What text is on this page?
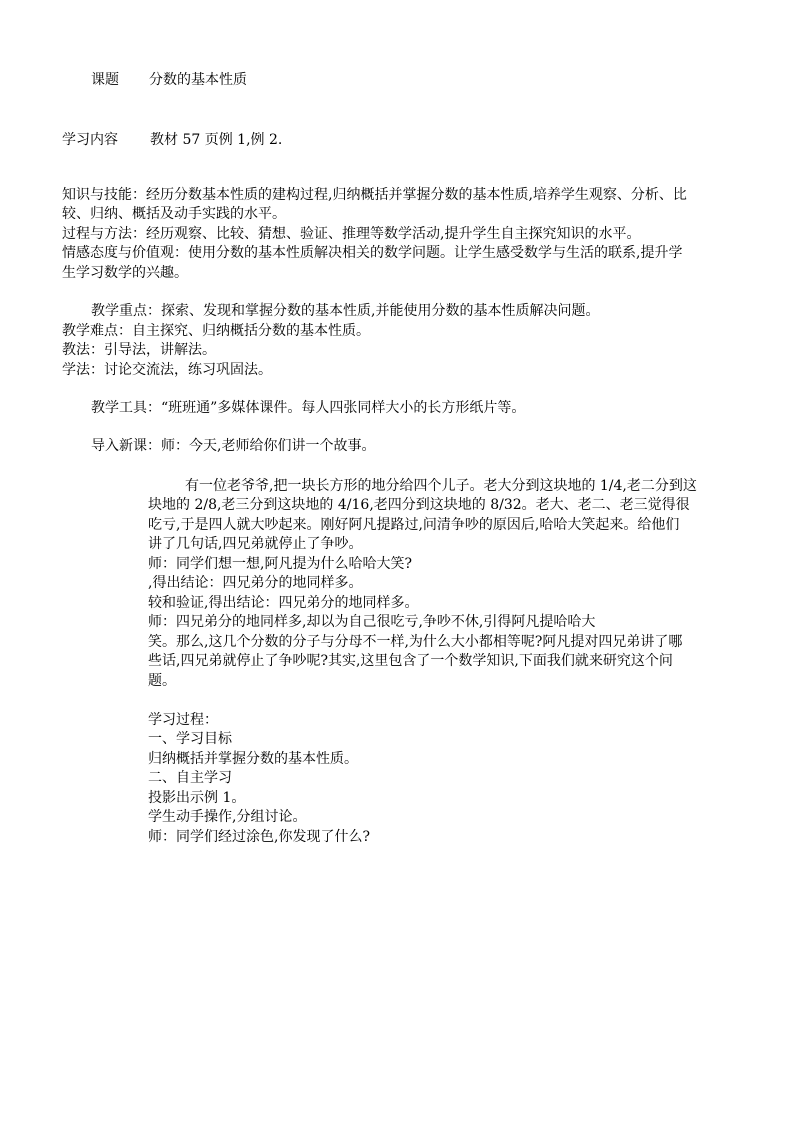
课题 分数的基本性质
学习内容 教材 57 页例 1,例 2.
知识与技能：经历分数基本性质的建构过程,归纳概括并掌握分数的基本性质,培养学生观察、分析、比
较、归纳、概括及动手实践的水平。
过程与方法：经历观察、比较、猜想、验证、推理等数学活动,提升学生自主探究知识的水平。
情感态度与价值观：使用分数的基本性质解决相关的数学问题。让学生感受数学与生活的联系,提升学
生学习数学的兴趣。
教学重点：探索、发现和掌握分数的基本性质,并能使用分数的基本性质解决问题。
教学难点：自主探究、归纳概括分数的基本性质。
教法：引导法，讲解法。
学法：讨论交流法，练习巩固法。
教学工具：“班班通”多媒体课件。每人四张同样大小的长方形纸片等。
导入新课：师：今天,老师给你们讲一个故事。
有一位老爷爷,把一块长方形的地分给四个儿子。老大分到这块地的 1/4,老二分到这
块地的 2/8,老三分到这块地的 4/16,老四分到这块地的 8/32。老大、老二、老三觉得很
吃亏,于是四人就大吵起来。刚好阿凡提路过,问清争吵的原因后,哈哈大笑起来。给他们
讲了几句话,四兄弟就停止了争吵。
师：同学们想一想,阿凡提为什么哈哈大笑?
,得出结论：四兄弟分的地同样多。
较和验证,得出结论：四兄弟分的地同样多。
师：四兄弟分的地同样多,却以为自己很吃亏,争吵不休,引得阿凡提哈哈大
笑。那么,这几个分数的分子与分母不一样,为什么大小都相等呢?阿凡提对四兄弟讲了哪
些话,四兄弟就停止了争吵呢?其实,这里包含了一个数学知识,下面我们就来研究这个问
题。
学习过程：
一、学习目标
归纳概括并掌握分数的基本性质。
二、自主学习
投影出示例 1。
学生动手操作,分组讨论。
师：同学们经过涂色,你发现了什么?
